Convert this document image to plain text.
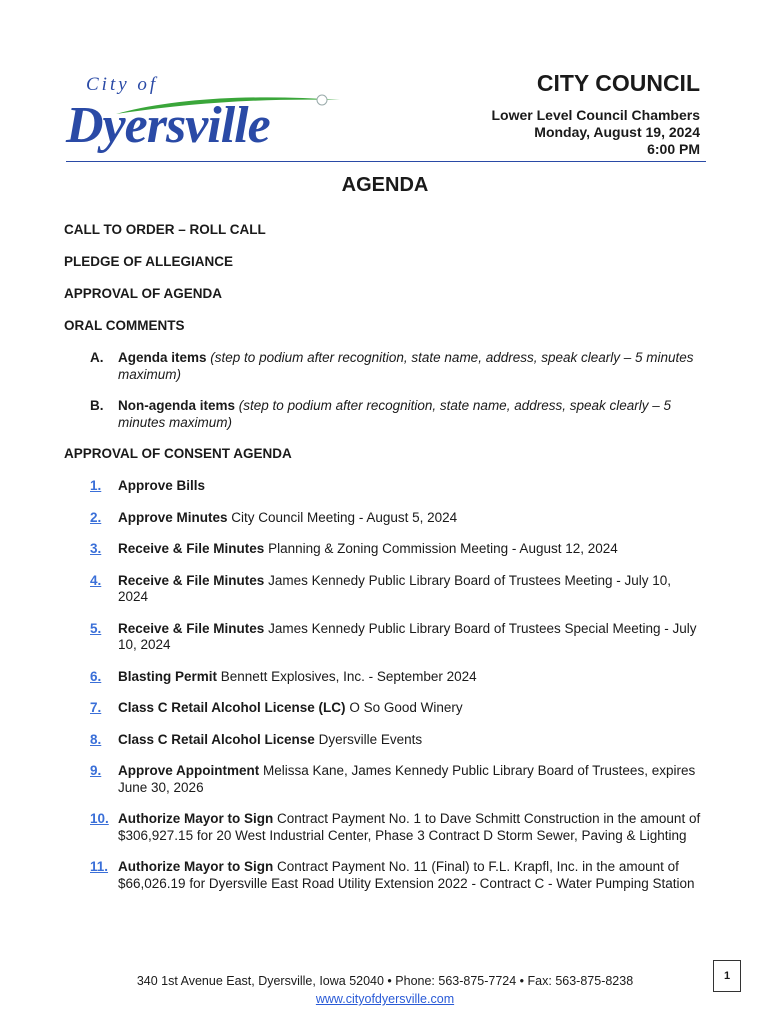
City of
Dyersville
CITY COUNCIL
Lower Level Council Chambers
Monday, August 19, 2024
6:00 PM
AGENDA
CALL TO ORDER – ROLL CALL
PLEDGE OF ALLEGIANCE
APPROVAL OF AGENDA
ORAL COMMENTS
A.	Agenda items (step to podium after recognition, state name, address, speak clearly – 5 minutes maximum)
B.	Non-agenda items (step to podium after recognition, state name, address, speak clearly – 5 minutes maximum)
APPROVAL OF CONSENT AGENDA
1.	Approve Bills
2.	Approve Minutes City Council Meeting - August 5, 2024
3.	Receive & File Minutes Planning & Zoning Commission Meeting - August 12, 2024
4.	Receive & File Minutes James Kennedy Public Library Board of Trustees Meeting - July 10, 2024
5.	Receive & File Minutes James Kennedy Public Library Board of Trustees Special Meeting - July 10, 2024
6.	Blasting Permit Bennett Explosives, Inc. - September 2024
7.	Class C Retail Alcohol License (LC) O So Good Winery
8.	Class C Retail Alcohol License Dyersville Events
9.	Approve Appointment Melissa Kane, James Kennedy Public Library Board of Trustees, expires June 30, 2026
10. Authorize Mayor to Sign Contract Payment No. 1 to Dave Schmitt Construction in the amount of $306,927.15 for 20 West Industrial Center, Phase 3 Contract D Storm Sewer, Paving & Lighting
11. Authorize Mayor to Sign Contract Payment No. 11 (Final) to F.L. Krapfl, Inc. in the amount of $66,026.19 for Dyersville East Road Utility Extension 2022 - Contract C - Water Pumping Station
340 1st Avenue East, Dyersville, Iowa 52040 • Phone: 563-875-7724 • Fax: 563-875-8238
www.cityofdyersville.com
1
